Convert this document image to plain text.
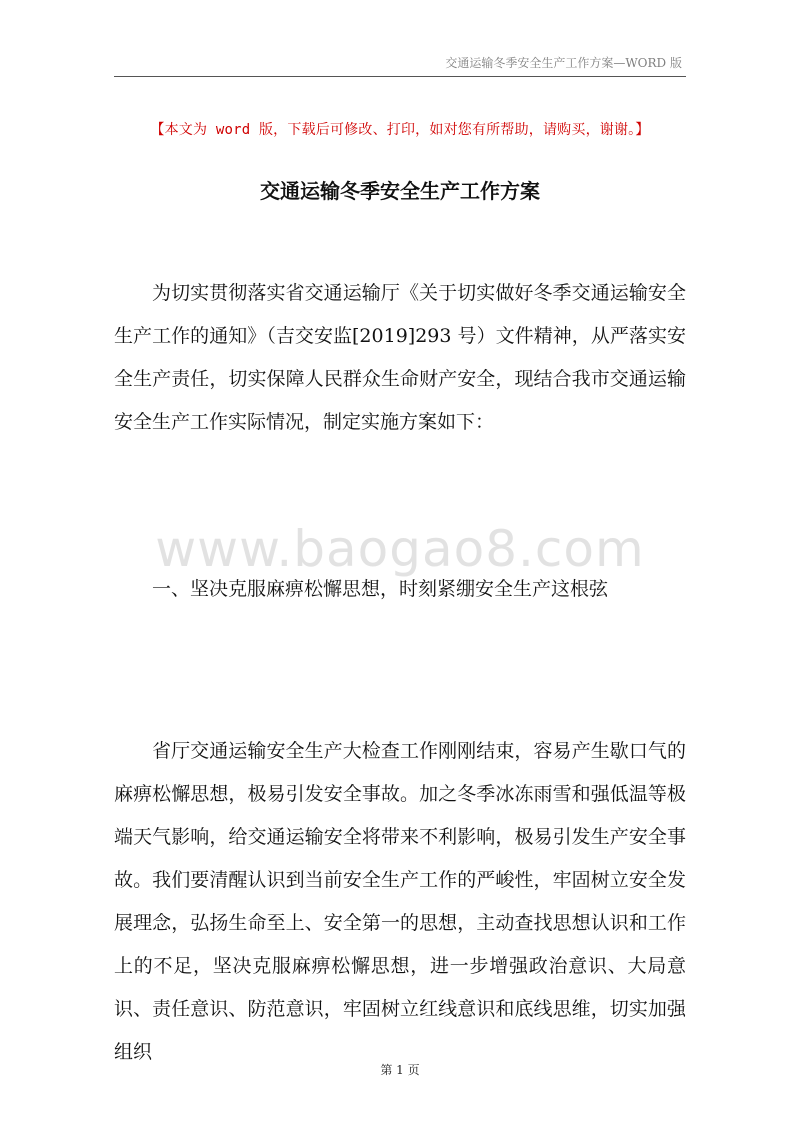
交通运输冬季安全生产工作方案—WORD 版
【本文为 word 版，下载后可修改、打印，如对您有所帮助，请购买，谢谢。】
交通运输冬季安全生产工作方案

为切实贯彻落实省交通运输厅《关于切实做好冬季交通运输安全生产工作的通知》（吉交安监[2019]293 号）文件精神，从严落实安全生产责任，切实保障人民群众生命财产安全，现结合我市交通运输安全生产工作实际情况，制定实施方案如下：

www.baogao8.com

一、坚决克服麻痹松懈思想，时刻紧绷安全生产这根弦

省厅交通运输安全生产大检查工作刚刚结束，容易产生歇口气的麻痹松懈思想，极易引发安全事故。加之冬季冰冻雨雪和强低温等极端天气影响，给交通运输安全将带来不利影响，极易引发生产安全事故。我们要清醒认识到当前安全生产工作的严峻性，牢固树立安全发展理念，弘扬生命至上、安全第一的思想，主动查找思想认识和工作上的不足，坚决克服麻痹松懈思想，进一步增强政治意识、大局意识、责任意识、防范意识，牢固树立红线意识和底线思维，切实加强组织

第 1 页
